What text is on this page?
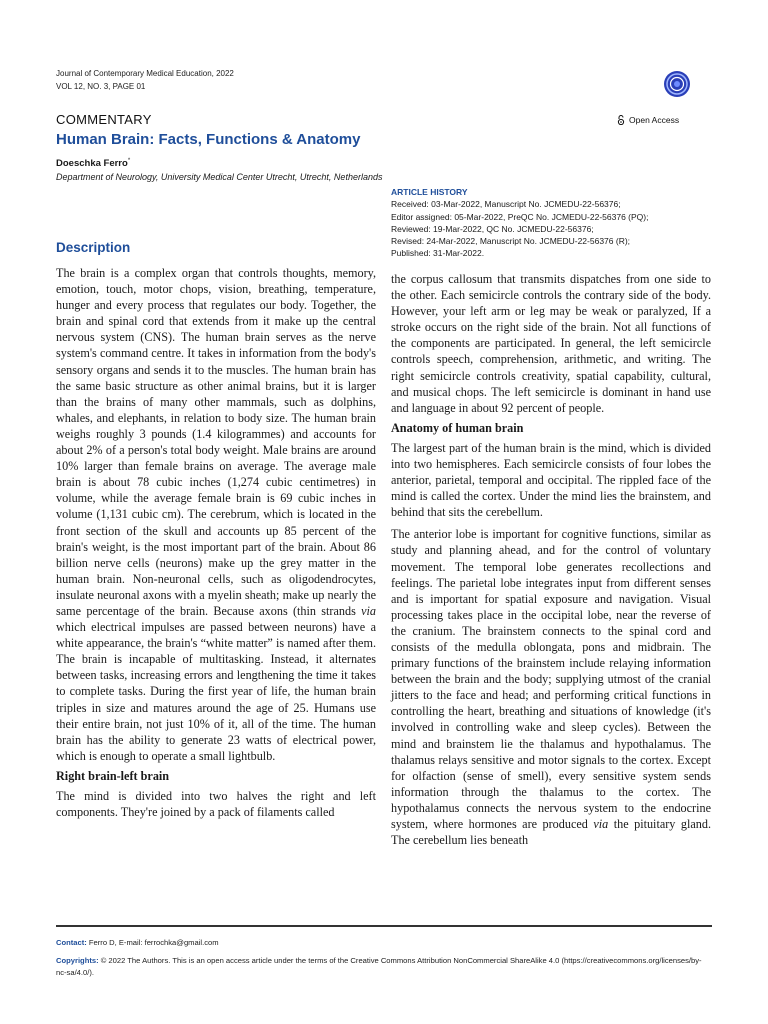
Journal of Contemporary Medical Education, 2022
VOL 12, NO. 3, PAGE 01
COMMENTARY	Open Access
Human Brain: Facts, Functions & Anatomy
Doeschka Ferro*
Department of Neurology, University Medical Center Utrecht, Utrecht, Netherlands
ARTICLE HISTORY
Received: 03-Mar-2022, Manuscript No. JCMEDU-22-56376;
Editor assigned: 05-Mar-2022, PreQC No. JCMEDU-22-56376 (PQ);
Reviewed: 19-Mar-2022, QC No. JCMEDU-22-56376;
Revised: 24-Mar-2022, Manuscript No. JCMEDU-22-56376 (R);
Published: 31-Mar-2022.
Description

The brain is a complex organ that controls thoughts, memory, emotion, touch, motor chops, vision, breathing, temperature, hunger and every process that regulates our body. Together, the brain and spinal cord that extends from it make up the central nervous system (CNS). The human brain serves as the nerve system's command centre. It takes in information from the body's sensory organs and sends it to the muscles. The human brain has the same basic structure as other animal brains, but it is larger than the brains of many other mammals, such as dolphins, whales, and elephants, in relation to body size. The human brain weighs roughly 3 pounds (1.4 kilogrammes) and accounts for about 2% of a person's total body weight. Male brains are around 10% larger than female brains on average. The average male brain is about 78 cubic inches (1,274 cubic centimetres) in volume, while the average female brain is 69 cubic inches in volume (1,131 cubic cm). The cerebrum, which is located in the front section of the skull and accounts up 85 percent of the brain's weight, is the most important part of the brain. About 86 billion nerve cells (neurons) make up the grey matter in the human brain. Non-neuronal cells, such as oligodendrocytes, insulate neuronal axons with a myelin sheath; make up nearly the same percentage of the brain. Because axons (thin strands via which electrical impulses are passed between neurons) have a white appearance, the brain's “white matter” is named after them. The brain is incapable of multitasking. Instead, it alternates between tasks, increasing errors and lengthening the time it takes to complete tasks. During the first year of life, the human brain triples in size and matures around the age of 25. Humans use their entire brain, not just 10% of it, all of the time. The human brain has the ability to generate 23 watts of electrical power, which is enough to operate a small lightbulb.

Right brain-left brain

The mind is divided into two halves the right and left components. They're joined by a pack of filaments called

the corpus callosum that transmits dispatches from one side to the other. Each semicircle controls the contrary side of the body. However, your left arm or leg may be weak or paralyzed, If a stroke occurs on the right side of the brain. Not all functions of the components are participated. In general, the left semicircle controls speech, comprehension, arithmetic, and writing. The right semicircle controls creativity, spatial capability, cultural, and musical chops. The left semicircle is dominant in hand use and language in about 92 percent of people.

Anatomy of human brain

The largest part of the human brain is the mind, which is divided into two hemispheres. Each semicircle consists of four lobes the anterior, parietal, temporal and occipital. The rippled face of the mind is called the cortex. Under the mind lies the brainstem, and behind that sits the cerebellum.

The anterior lobe is important for cognitive functions, similar as study and planning ahead, and for the control of voluntary movement. The temporal lobe generates recollections and feelings. The parietal lobe integrates input from different senses and is important for spatial exposure and navigation. Visual processing takes place in the occipital lobe, near the reverse of the cranium. The brainstem connects to the spinal cord and consists of the medulla oblongata, pons and midbrain. The primary functions of the brainstem include relaying information between the brain and the body; supplying utmost of the cranial jitters to the face and head; and performing critical functions in controlling the heart, breathing and situations of knowledge (it's involved in controlling wake and sleep cycles). Between the mind and brainstem lie the thalamus and hypothalamus. The thalamus relays sensitive and motor signals to the cortex. Except for olfaction (sense of smell), every sensitive system sends information through the thalamus to the cortex. The hypothalamus connects the nervous system to the endocrine system, where hormones are produced via the pituitary gland. The cerebellum lies beneath

Contact: Ferro D, E-mail: ferrochka@gmail.com
Copyrights: © 2022 The Authors. This is an open access article under the terms of the Creative Commons Attribution NonCommercial ShareAlike 4.0 (https://creativecommons.org/licenses/by-nc-sa/4.0/).
